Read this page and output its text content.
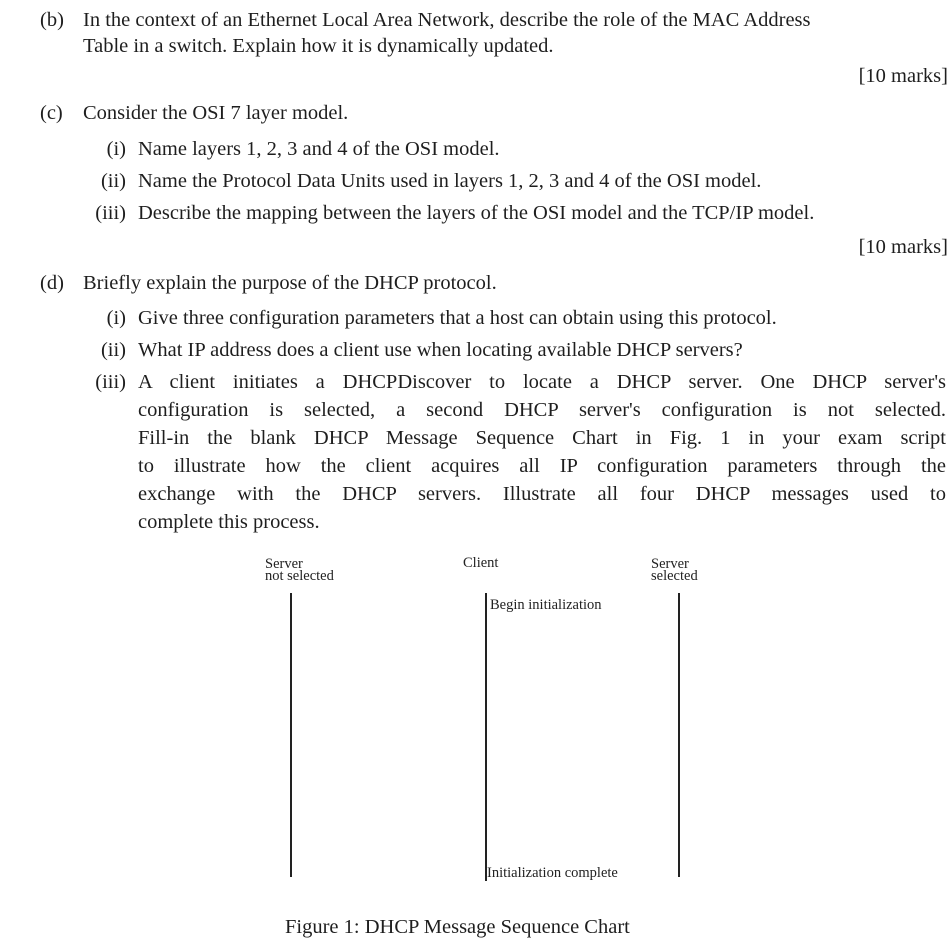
(b) In the context of an Ethernet Local Area Network, describe the role of the MAC Address
Table in a switch. Explain how it is dynamically updated.
[10 marks]
(c) Consider the OSI 7 layer model.
(i) Name layers 1, 2, 3 and 4 of the OSI model.
(ii) Name the Protocol Data Units used in layers 1, 2, 3 and 4 of the OSI model.
(iii) Describe the mapping between the layers of the OSI model and the TCP/IP model.
[10 marks]
(d) Briefly explain the purpose of the DHCP protocol.
(i) Give three configuration parameters that a host can obtain using this protocol.
(ii) What IP address does a client use when locating available DHCP servers?
(iii) A client initiates a DHCPDiscover to locate a DHCP server. One DHCP server's
configuration is selected, a second DHCP server's configuration is not selected.
Fill-in the blank DHCP Message Sequence Chart in Fig. 1 in your exam script
to illustrate how the client acquires all IP configuration parameters through the
exchange with the DHCP servers. Illustrate all four DHCP messages used to
complete this process.
Server
not selected
Client	Server
selected
Begin initialization
Initialization complete
Figure 1: DHCP Message Sequence Chart
